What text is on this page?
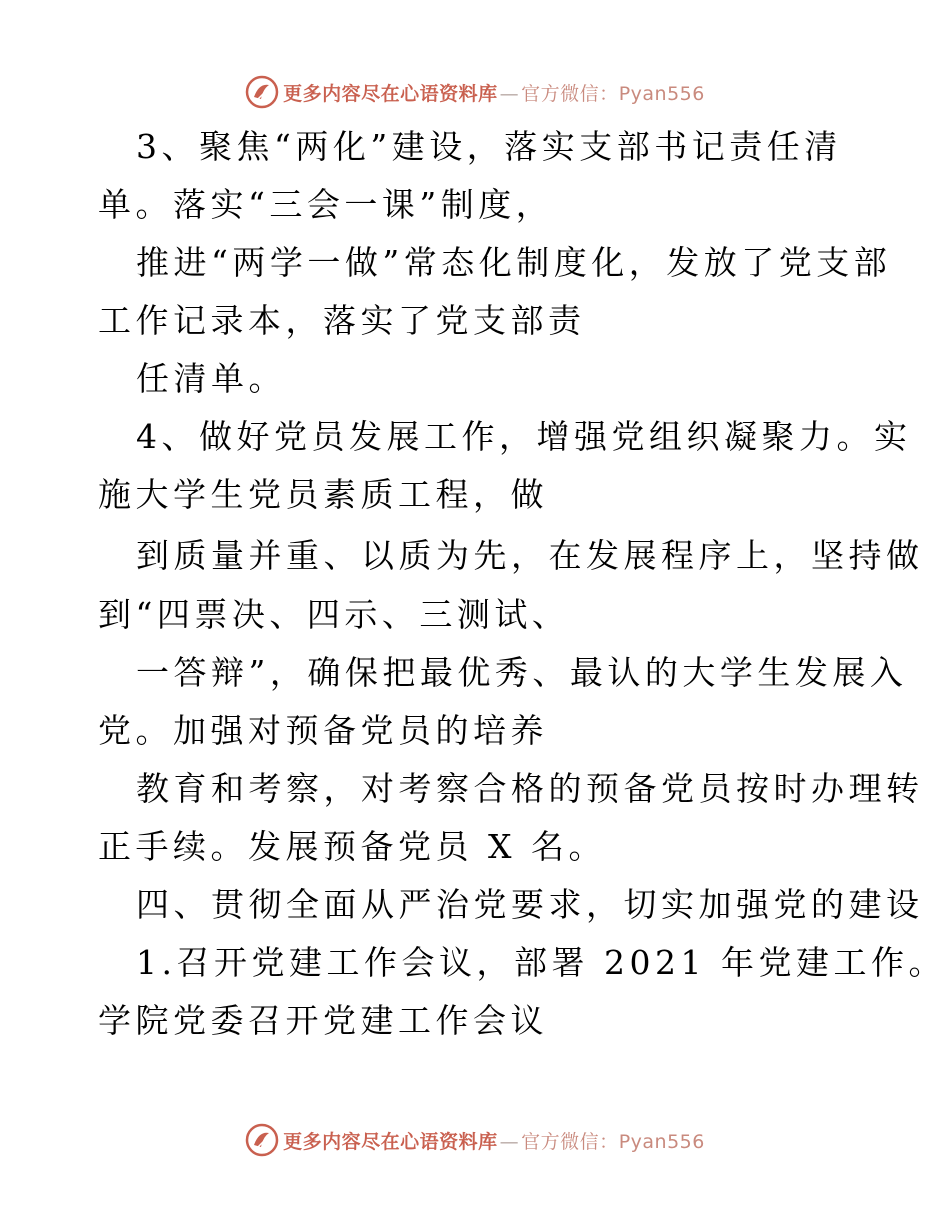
更多内容尽在心语资料库 — 官方微信：Pyan556
3、聚焦“两化”建设，落实支部书记责任清
单。落实“三会一课”制度，
推进“两学一做”常态化制度化，发放了党支部
工作记录本，落实了党支部责
任清单。
4、做好党员发展工作，增强党组织凝聚力。实
施大学生党员素质工程，做
到质量并重、以质为先，在发展程序上，坚持做
到“四票决、四示、三测试、
一答辩”，确保把最优秀、最认的大学生发展入
党。加强对预备党员的培养
教育和考察，对考察合格的预备党员按时办理转
正手续。发展预备党员 X 名。
四、贯彻全面从严治党要求，切实加强党的建设
1.召开党建工作会议，部署 2021 年党建工作。
学院党委召开党建工作会议
更多内容尽在心语资料库 — 官方微信：Pyan556
